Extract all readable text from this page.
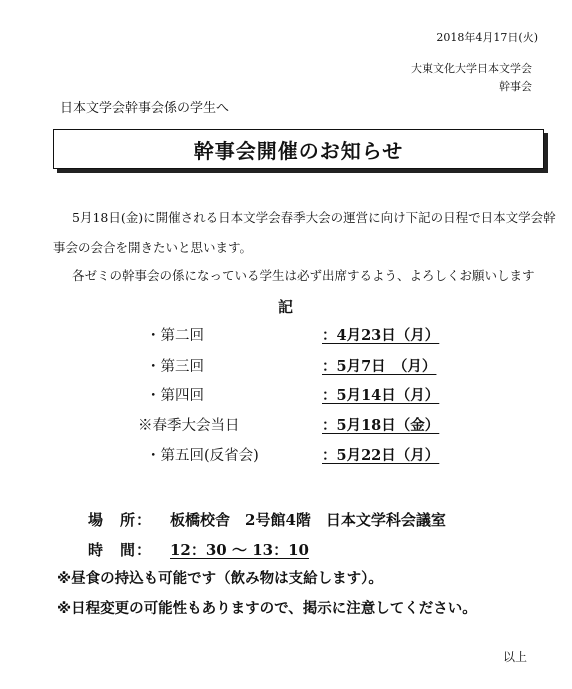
2018年4月17日(火)
大東文化大学日本文学会
幹事会
日本文学会幹事会係の学生へ
幹事会開催のお知らせ
5月18日(金)に開催される日本文学会春季大会の運営に向け下記の日程で日本文学会幹
事会の会合を開きたいと思います。
各ゼミの幹事会の係になっている学生は必ず出席するよう、よろしくお願いします
記
・第二回	：4月23日（月）
・第三回	：5月7日　（月）
・第四回	：5月14日（月）
※春季大会当日	：5月18日（金）
・第五回(反省会)	：5月22日（月）
場　所： 板橋校舎　2号館4階　日本文学科会議室
時　間： 12：30 ～ 13：10
※昼食の持込も可能です（飲み物は支給します）。
※日程変更の可能性もありますので、掲示に注意してください。
以上
